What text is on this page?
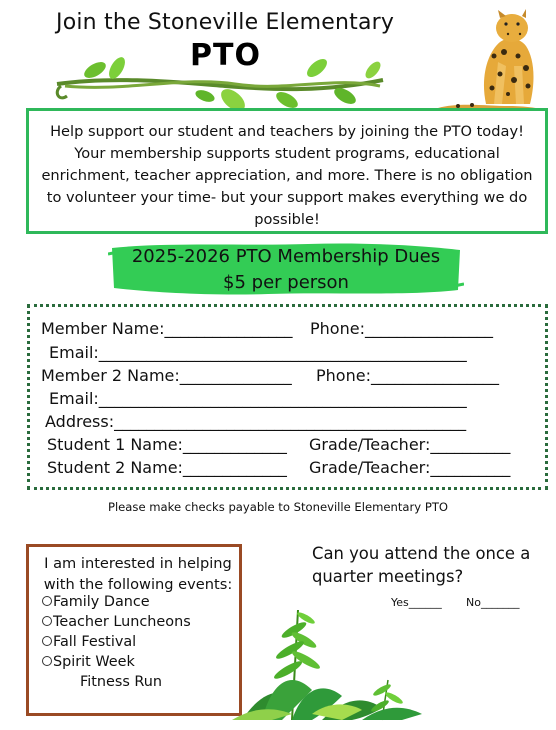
Join the Stoneville Elementary
PTO
Help support our student and teachers by joining the PTO today! Your membership supports student programs, educational enrichment, teacher appreciation, and more. There is no obligation to volunteer your time- but your support makes everything we do possible!
2025-2026 PTO Membership Dues
$5 per person
Member Name:________________ Phone:________________
Email:______________________________________________
Member 2 Name:______________ Phone:________________
Email:______________________________________________
Address:____________________________________________
Student 1 Name:_____________ Grade/Teacher:__________
Student 2 Name:_____________ Grade/Teacher:__________
Please make checks payable to Stoneville Elementary PTO
I am interested in helping with the following events:
Family Dance
Teacher Luncheons
Fall Festival
Spirit Week
Fitness Run
Can you attend the once a quarter meetings?
Yes______ No_______
